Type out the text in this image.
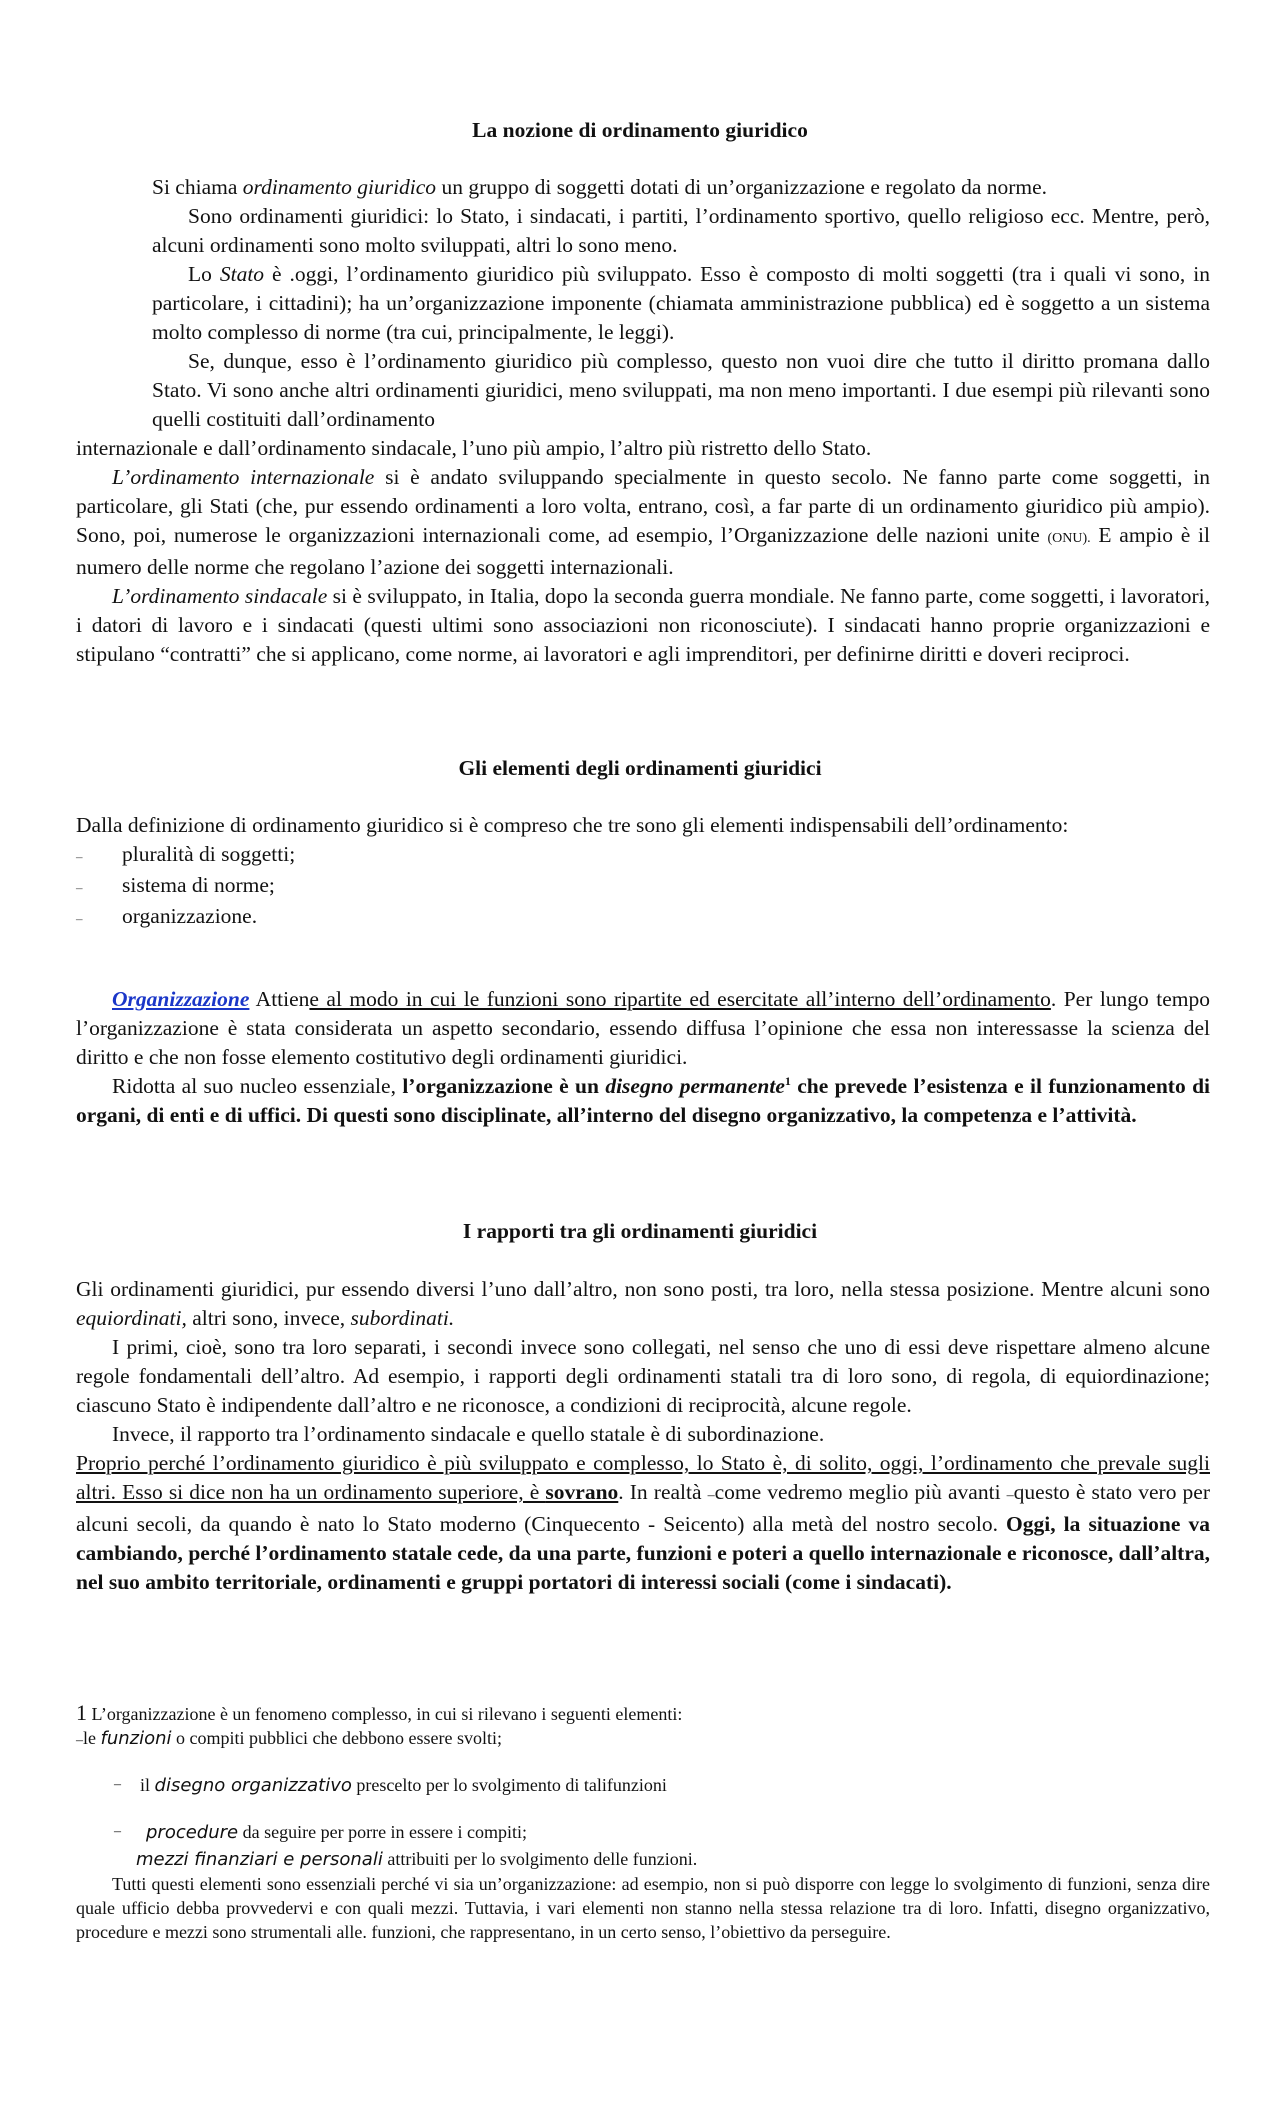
La nozione di ordinamento giuridico

Si chiama ordinamento giuridico un gruppo di soggetti dotati di un’organizzazione e regolato da norme.

Sono ordinamenti giuridici: lo Stato, i sindacati, i partiti, l’ordinamento sportivo, quello religioso ecc. Mentre, però, alcuni ordinamenti sono molto sviluppati, altri lo sono meno.

Lo Stato è .oggi, l’ordinamento giuridico più sviluppato. Esso è composto di molti soggetti (tra i quali vi sono, in particolare, i cittadini); ha un’organizzazione imponente (chiamata amministrazione pubblica) ed è soggetto a un sistema molto complesso di norme (tra cui, principalmente, le leggi).

Se, dunque, esso è l’ordinamento giuridico più complesso, questo non vuoi dire che tutto il diritto promana dallo Stato. Vi sono anche altri ordinamenti giuridici, meno sviluppati, ma non meno importanti. I due esempi più rilevanti sono quelli costituiti dall’ordinamento

internazionale e dall’ordinamento sindacale, l’uno più ampio, l’altro più ristretto dello Stato.

L’ordinamento internazionale si è andato sviluppando specialmente in questo secolo. Ne fanno parte come soggetti, in particolare, gli Stati (che, pur essendo ordinamenti a loro volta, entrano, così, a far parte di un ordinamento giuridico più ampio). Sono, poi, numerose le organizzazioni internazionali come, ad esempio, l’Organizzazione delle nazioni unite (ONU). E ampio è il numero delle norme che regolano l’azione dei soggetti internazionali.

L’ordinamento sindacale si è sviluppato, in Italia, dopo la seconda guerra mondiale. Ne fanno parte, come soggetti, i lavoratori, i datori di lavoro e i sindacati (questi ultimi sono associazioni non riconosciute). I sindacati hanno proprie organizzazioni e stipulano “contratti” che si applicano, come norme, ai lavoratori e agli imprenditori, per definirne diritti e doveri reciproci.

Gli elementi degli ordinamenti giuridici

Dalla definizione di ordinamento giuridico si è compreso che tre sono gli elementi indispensabili dell’ordinamento:

–	pluralità di soggetti;
–	sistema di norme;
–	organizzazione.

Organizzazione Attiene al modo in cui le funzioni sono ripartite ed esercitate all’interno dell’ordinamento. Per lungo tempo l’organizzazione è stata considerata un aspetto secondario, essendo diffusa l’opinione che essa non interessasse la scienza del diritto e che non fosse elemento costitutivo degli ordinamenti giuridici.

Ridotta al suo nucleo essenziale, l’organizzazione è un disegno permanente$^1$ che prevede l’esistenza e il funzionamento di organi, di enti e di uffici. Di questi sono disciplinate, all’interno del disegno organizzativo, la competenza e l’attività.

I rapporti tra gli ordinamenti giuridici

Gli ordinamenti giuridici, pur essendo diversi l’uno dall’altro, non sono posti, tra loro, nella stessa posizione. Mentre alcuni sono equiordinati, altri sono, invece, subordinati.

I primi, cioè, sono tra loro separati, i secondi invece sono collegati, nel senso che uno di essi deve rispettare almeno alcune regole fondamentali dell’altro. Ad esempio, i rapporti degli ordinamenti statali tra di loro sono, di regola, di equiordinazione; ciascuno Stato è indipendente dall’altro e ne riconosce, a condizioni di reciprocità, alcune regole.

Invece, il rapporto tra l’ordinamento sindacale e quello statale è di subordinazione.

Proprio perché l’ordinamento giuridico è più sviluppato e complesso, lo Stato è, di solito, oggi, l’ordinamento che prevale sugli altri. Esso si dice non ha un ordinamento superiore, è sovrano. In realtà –come vedremo meglio più avanti –questo è stato vero per alcuni secoli, da quando è nato lo Stato moderno (Cinquecento - Seicento) alla metà del nostro secolo. Oggi, la situazione va cambiando, perché l’ordinamento statale cede, da una parte, funzioni e poteri a quello internazionale e riconosce, dall’altra, nel suo ambito territoriale, ordinamenti e gruppi portatori di interessi sociali (come i sindacati).

1 L’organizzazione è un fenomeno complesso, in cui si rilevano i seguenti elementi:

–le funzioni o compiti pubblici che debbono essere svolti;

– il disegno organizzativo prescelto per lo svolgimento di talifunzioni

– procedure da seguire per porre in essere i compiti;

mezzi finanziari e personali attribuiti per lo svolgimento delle funzioni.

Tutti questi elementi sono essenziali perché vi sia un’organizzazione: ad esempio, non si può disporre con legge lo svolgimento di funzioni, senza dire quale ufficio debba provvedervi e con quali mezzi. Tuttavia, i vari elementi non stanno nella stessa relazione tra di loro. Infatti, disegno organizzativo, procedure e mezzi sono strumentali alle. funzioni, che rappresentano, in un certo senso, l’obiettivo da perseguire.
